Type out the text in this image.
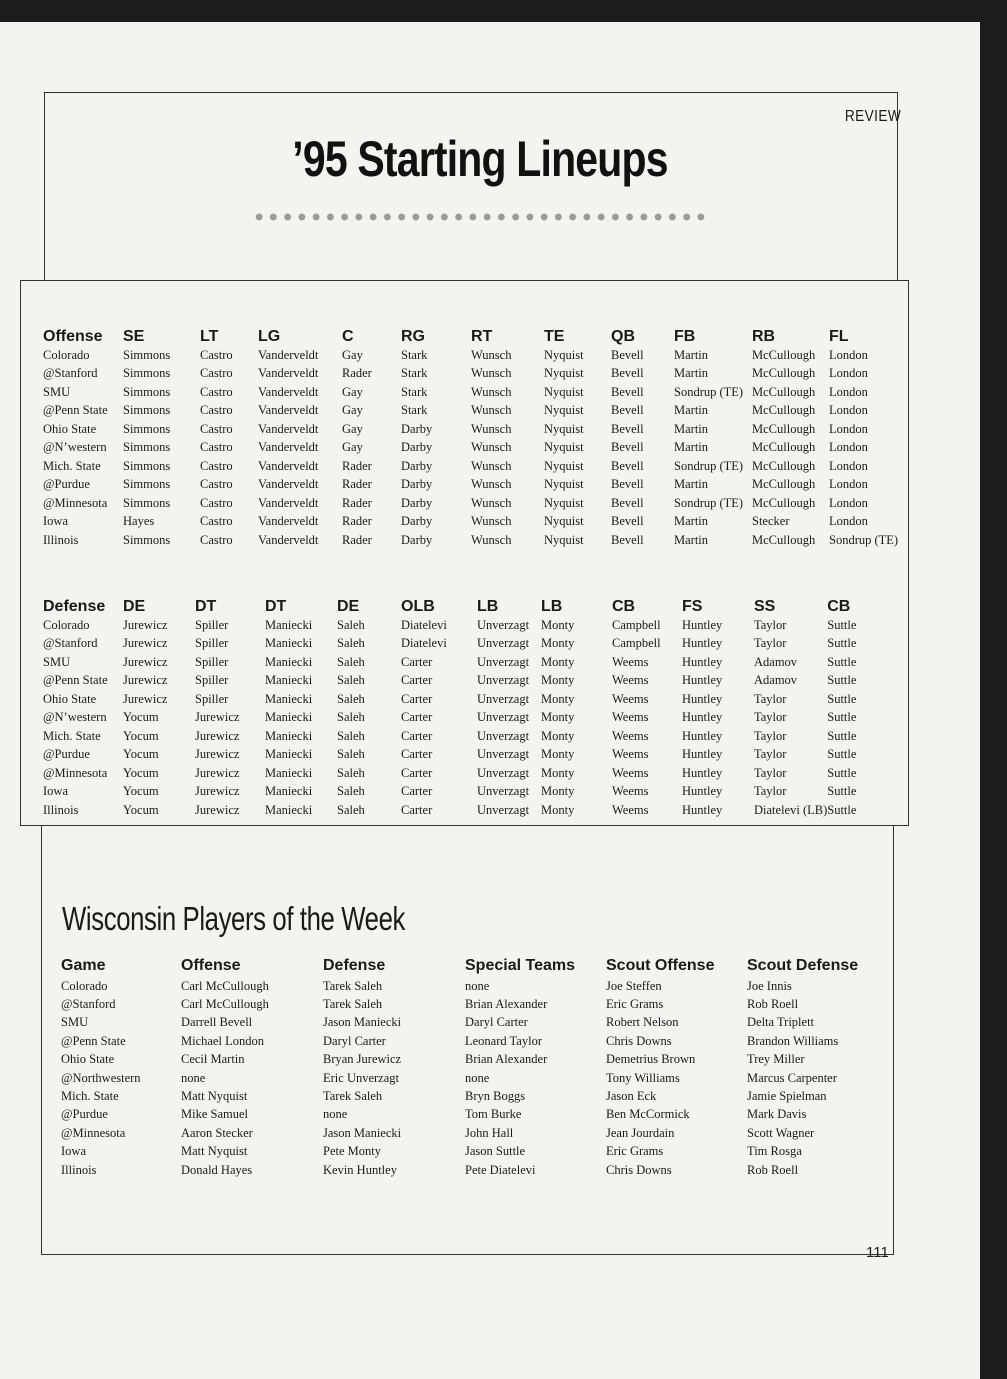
REVIEW
’95 Starting Lineups
Offense	SE	LT	LG	C	RG	RT	TE	QB	FB	RB	FL
Colorado	Simmons	Castro	Vanderveldt	Gay	Stark	Wunsch	Nyquist	Bevell	Martin	McCullough	London
@Stanford	Simmons	Castro	Vanderveldt	Rader	Stark	Wunsch	Nyquist	Bevell	Martin	McCullough	London
SMU	Simmons	Castro	Vanderveldt	Gay	Stark	Wunsch	Nyquist	Bevell	Sondrup (TE)	McCullough	London
@Penn State	Simmons	Castro	Vanderveldt	Gay	Stark	Wunsch	Nyquist	Bevell	Martin	McCullough	London
Ohio State	Simmons	Castro	Vanderveldt	Gay	Darby	Wunsch	Nyquist	Bevell	Martin	McCullough	London
@N’western	Simmons	Castro	Vanderveldt	Gay	Darby	Wunsch	Nyquist	Bevell	Martin	McCullough	London
Mich. State	Simmons	Castro	Vanderveldt	Rader	Darby	Wunsch	Nyquist	Bevell	Sondrup (TE)	McCullough	London
@Purdue	Simmons	Castro	Vanderveldt	Rader	Darby	Wunsch	Nyquist	Bevell	Martin	McCullough	London
@Minnesota	Simmons	Castro	Vanderveldt	Rader	Darby	Wunsch	Nyquist	Bevell	Sondrup (TE)	McCullough	London
Iowa	Hayes	Castro	Vanderveldt	Rader	Darby	Wunsch	Nyquist	Bevell	Martin	Stecker	London
Illinois	Simmons	Castro	Vanderveldt	Rader	Darby	Wunsch	Nyquist	Bevell	Martin	McCullough	Sondrup (TE)
Defense	DE	DT	DT	DE	OLB	LB	LB	CB	FS	SS	CB
Colorado	Jurewicz	Spiller	Maniecki	Saleh	Diatelevi	Unverzagt	Monty	Campbell	Huntley	Taylor	Suttle
@Stanford	Jurewicz	Spiller	Maniecki	Saleh	Diatelevi	Unverzagt	Monty	Campbell	Huntley	Taylor	Suttle
SMU	Jurewicz	Spiller	Maniecki	Saleh	Carter	Unverzagt	Monty	Weems	Huntley	Adamov	Suttle
@Penn State	Jurewicz	Spiller	Maniecki	Saleh	Carter	Unverzagt	Monty	Weems	Huntley	Adamov	Suttle
Ohio State	Jurewicz	Spiller	Maniecki	Saleh	Carter	Unverzagt	Monty	Weems	Huntley	Taylor	Suttle
@N’western	Yocum	Jurewicz	Maniecki	Saleh	Carter	Unverzagt	Monty	Weems	Huntley	Taylor	Suttle
Mich. State	Yocum	Jurewicz	Maniecki	Saleh	Carter	Unverzagt	Monty	Weems	Huntley	Taylor	Suttle
@Purdue	Yocum	Jurewicz	Maniecki	Saleh	Carter	Unverzagt	Monty	Weems	Huntley	Taylor	Suttle
@Minnesota	Yocum	Jurewicz	Maniecki	Saleh	Carter	Unverzagt	Monty	Weems	Huntley	Taylor	Suttle
Iowa	Yocum	Jurewicz	Maniecki	Saleh	Carter	Unverzagt	Monty	Weems	Huntley	Taylor	Suttle
Illinois	Yocum	Jurewicz	Maniecki	Saleh	Carter	Unverzagt	Monty	Weems	Huntley	Diatelevi (LB)	Suttle
Wisconsin Players of the Week
Game	Offense	Defense	Special Teams	Scout Offense	Scout Defense
Colorado	Carl McCullough	Tarek Saleh	none	Joe Steffen	Joe Innis
@Stanford	Carl McCullough	Tarek Saleh	Brian Alexander	Eric Grams	Rob Roell
SMU	Darrell Bevell	Jason Maniecki	Daryl Carter	Robert Nelson	Delta Triplett
@Penn State	Michael London	Daryl Carter	Leonard Taylor	Chris Downs	Brandon Williams
Ohio State	Cecil Martin	Bryan Jurewicz	Brian Alexander	Demetrius Brown	Trey Miller
@Northwestern	none	Eric Unverzagt	none	Tony Williams	Marcus Carpenter
Mich. State	Matt Nyquist	Tarek Saleh	Bryn Boggs	Jason Eck	Jamie Spielman
@Purdue	Mike Samuel	none	Tom Burke	Ben McCormick	Mark Davis
@Minnesota	Aaron Stecker	Jason Maniecki	John Hall	Jean Jourdain	Scott Wagner
Iowa	Matt Nyquist	Pete Monty	Jason Suttle	Eric Grams	Tim Rosga
Illinois	Donald Hayes	Kevin Huntley	Pete Diatelevi	Chris Downs	Rob Roell
111
